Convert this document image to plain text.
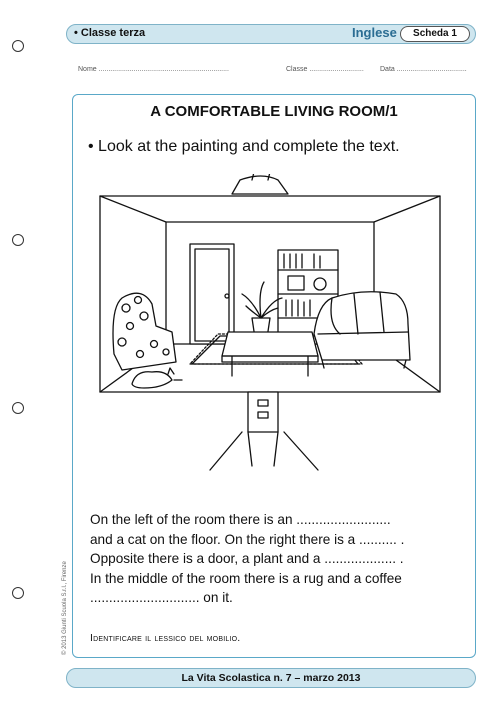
• Classe terza	Inglese	Scheda 1
Nome ...................................................................	Classe ............................ Data ....................................
A COMFORTABLE LIVING ROOM/1
• Look at the painting and complete the text.
On the left of the room there is an .........................
and a cat on the floor. On the right there is a .......... .
Opposite there is a door, a plant and a ................... .
In the middle of the room there is a rug and a coffee
............................. on it.
Identificare il lessico del mobilio.
© 2013 Giunti Scuola S.r.l., Firenze
La Vita Scolastica n. 7 – marzo 2013
